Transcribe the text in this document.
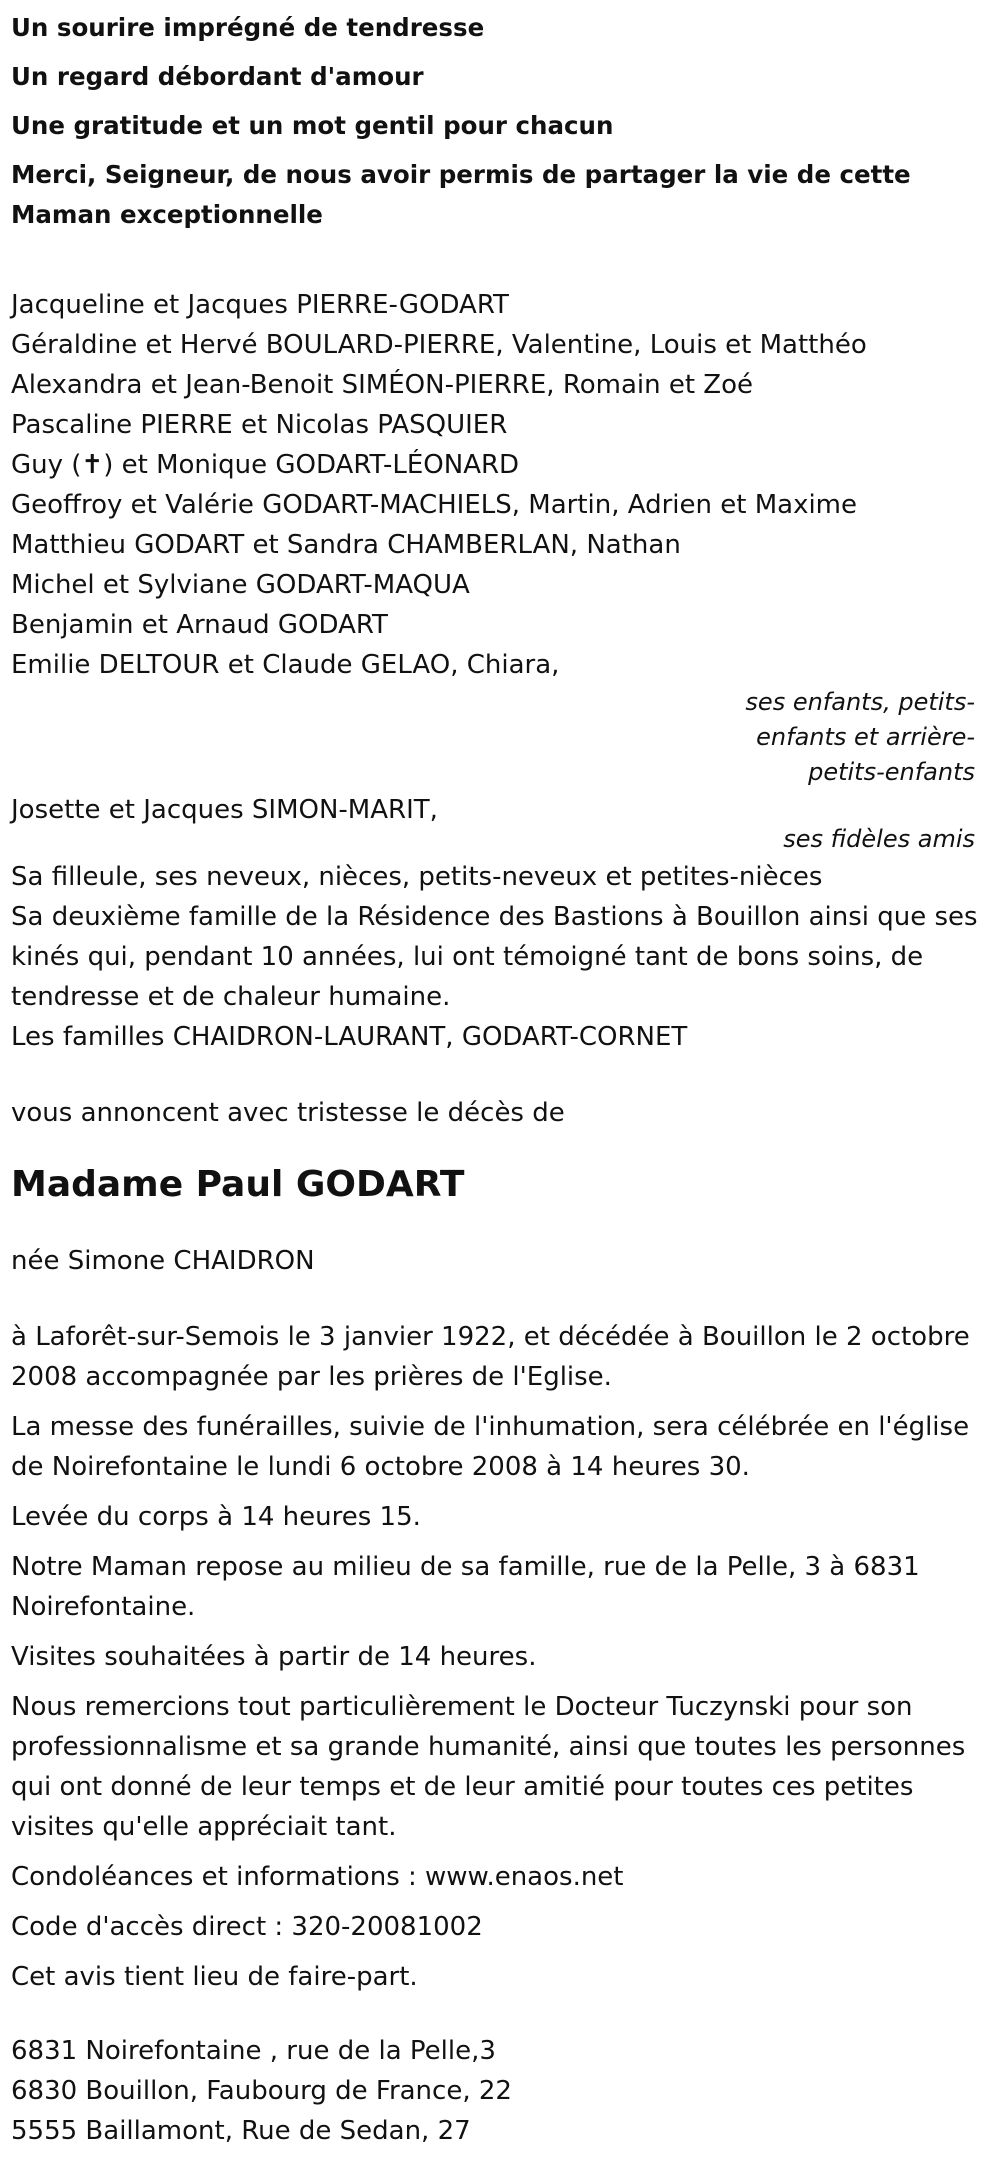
Un sourire imprégné de tendresse

Un regard débordant d'amour

Une gratitude et un mot gentil pour chacun

Merci, Seigneur, de nous avoir permis de partager la vie de cette

Maman exceptionnelle

Jacqueline et Jacques PIERRE-GODART

Géraldine et Hervé BOULARD-PIERRE, Valentine, Louis et Matthéo

Alexandra et Jean-Benoit SIMÉON-PIERRE, Romain et Zoé

Pascaline PIERRE et Nicolas PASQUIER

Guy (✝) et Monique GODART-LÉONARD

Geoffroy et Valérie GODART-MACHIELS, Martin, Adrien et Maxime

Matthieu GODART et Sandra CHAMBERLAN, Nathan

Michel et Sylviane GODART-MAQUA

Benjamin et Arnaud GODART

Emilie DELTOUR et Claude GELAO, Chiara,

ses enfants, petits-
enfants et arrière-
petits-enfants

Josette et Jacques SIMON-MARIT,

ses fidèles amis

Sa filleule, ses neveux, nièces, petits-neveux et petites-nièces

Sa deuxième famille de la Résidence des Bastions à Bouillon ainsi que ses

kinés qui, pendant 10 années, lui ont témoigné tant de bons soins, de

tendresse et de chaleur humaine.

Les familles CHAIDRON-LAURANT, GODART-CORNET

vous annoncent avec tristesse le décès de

Madame Paul GODART

née Simone CHAIDRON

à Laforêt-sur-Semois le 3 janvier 1922, et décédée à Bouillon le 2 octobre

2008 accompagnée par les prières de l'Eglise.

La messe des funérailles, suivie de l'inhumation, sera célébrée en l'église

de Noirefontaine le lundi 6 octobre 2008 à 14 heures 30.

Levée du corps à 14 heures 15.

Notre Maman repose au milieu de sa famille, rue de la Pelle, 3 à 6831

Noirefontaine.

Visites souhaitées à partir de 14 heures.

Nous remercions tout particulièrement le Docteur Tuczynski pour son

professionnalisme et sa grande humanité, ainsi que toutes les personnes

qui ont donné de leur temps et de leur amitié pour toutes ces petites

visites qu'elle appréciait tant.

Condoléances et informations : www.enaos.net

Code d'accès direct : 320-20081002

Cet avis tient lieu de faire-part.

6831 Noirefontaine , rue de la Pelle,3

6830 Bouillon, Faubourg de France, 22

5555 Baillamont, Rue de Sedan, 27
